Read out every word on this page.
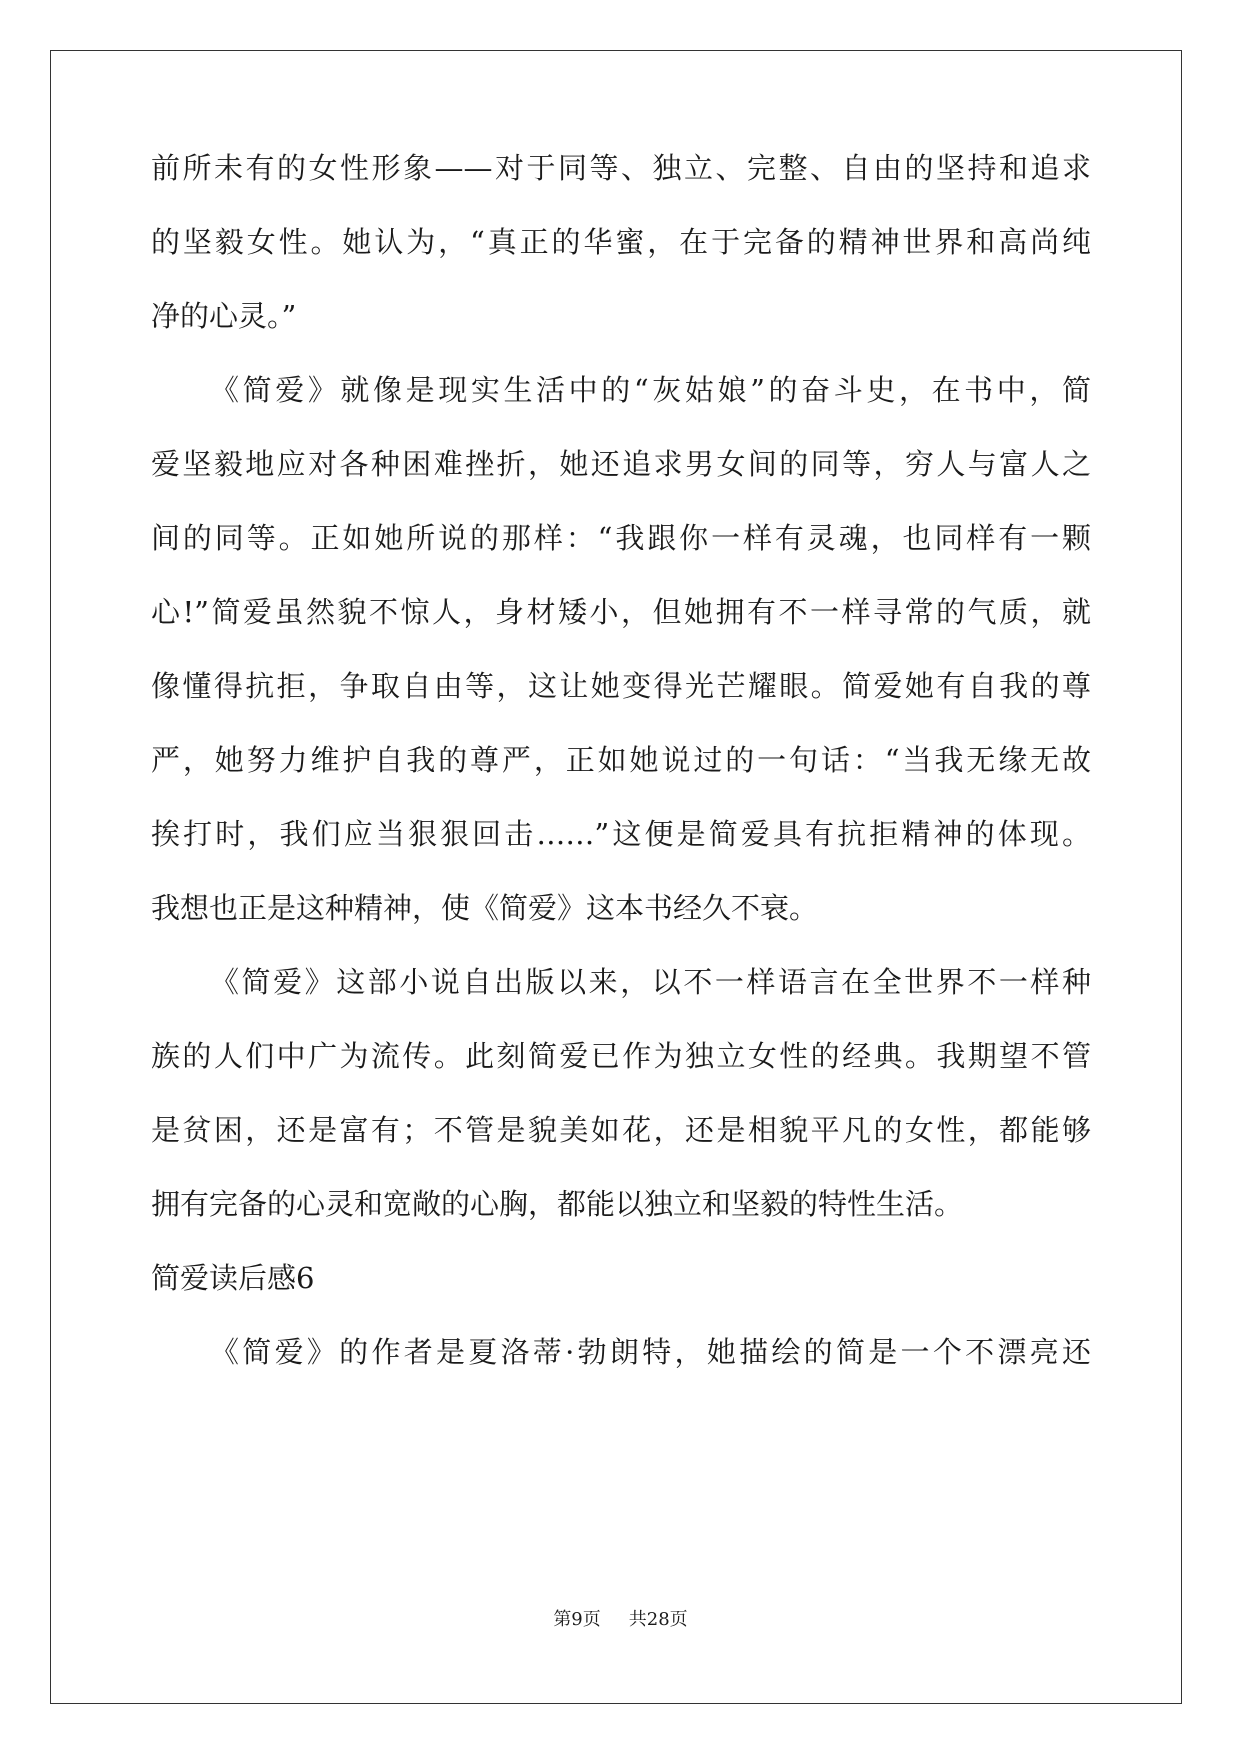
前所未有的女性形象——对于同等、独立、完整、自由的坚持和追求
的坚毅女性。她认为，“真正的华蜜，在于完备的精神世界和高尚纯
净的心灵。”
《简爱》就像是现实生活中的“灰姑娘”的奋斗史，在书中，简
爱坚毅地应对各种困难挫折，她还追求男女间的同等，穷人与富人之
间的同等。正如她所说的那样：“我跟你一样有灵魂，也同样有一颗
心!”简爱虽然貌不惊人，身材矮小，但她拥有不一样寻常的气质，就
像懂得抗拒，争取自由等，这让她变得光芒耀眼。简爱她有自我的尊
严，她努力维护自我的尊严，正如她说过的一句话：“当我无缘无故
挨打时，我们应当狠狠回击……”这便是简爱具有抗拒精神的体现。
我想也正是这种精神，使《简爱》这本书经久不衰。
《简爱》这部小说自出版以来，以不一样语言在全世界不一样种
族的人们中广为流传。此刻简爱已作为独立女性的经典。我期望不管
是贫困，还是富有；不管是貌美如花，还是相貌平凡的女性，都能够
拥有完备的心灵和宽敞的心胸，都能以独立和坚毅的特性生活。
简爱读后感6
《简爱》的作者是夏洛蒂·勃朗特，她描绘的简是一个不漂亮还
第9页 共28页
